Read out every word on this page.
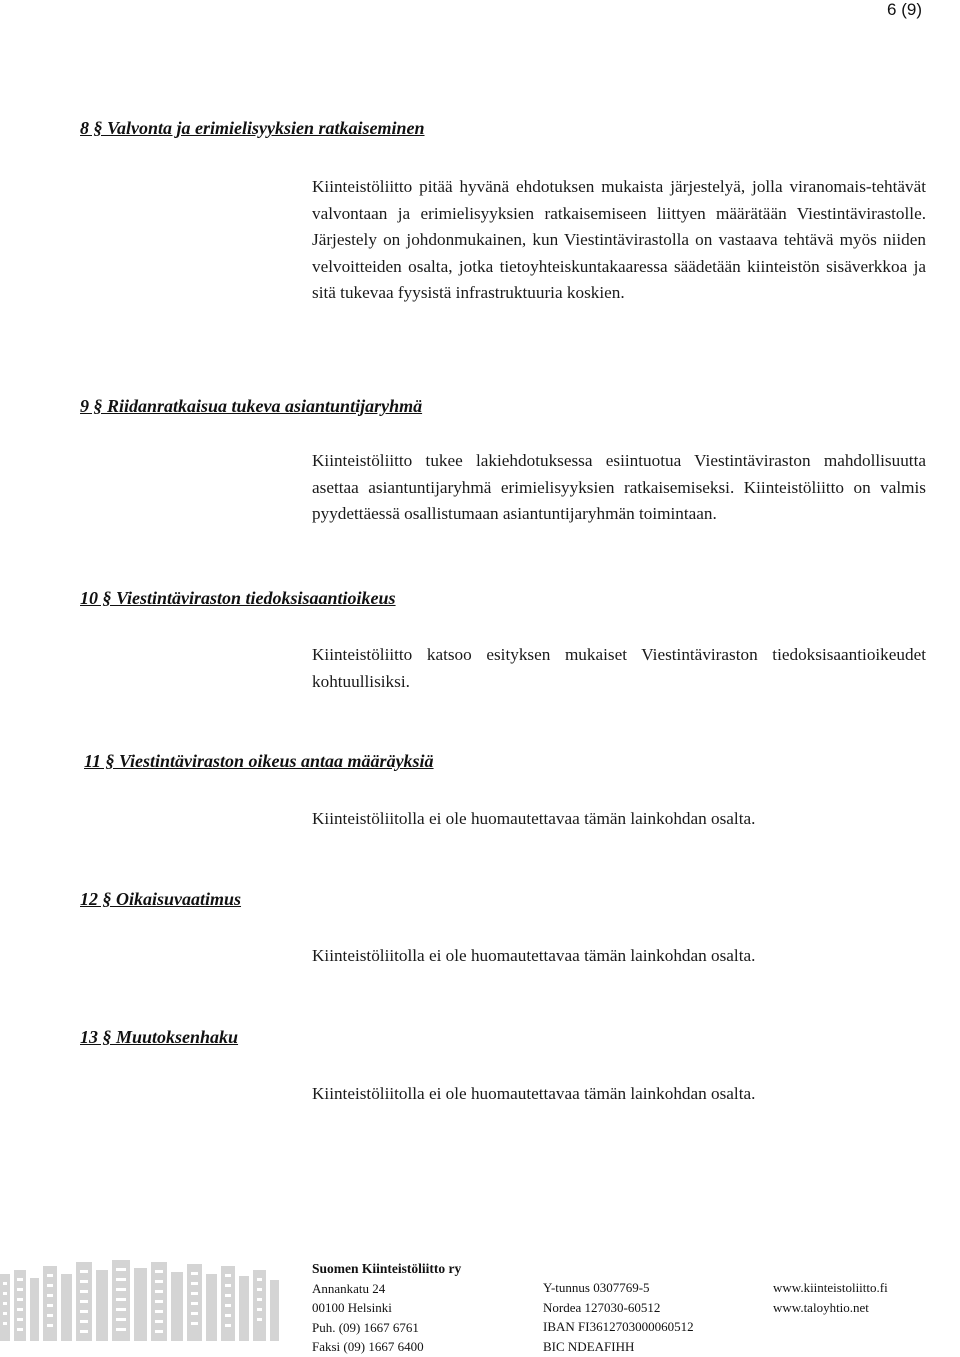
6 (9)
8 § Valvonta ja erimielisyyksien ratkaiseminen
Kiinteistöliitto pitää hyvänä ehdotuksen mukaista järjestelyä, jolla viranomais-tehtävät valvontaan ja erimielisyyksien ratkaisemiseen liittyen määrätään Viestintävirastolle. Järjestely on johdonmukainen, kun Viestintävirastolla on vastaava tehtävä myös niiden velvoitteiden osalta, jotka tietoyhteiskuntakaaressa säädetään kiinteistön sisäverkkoa ja sitä tukevaa fyysistä infrastruktuuria koskien.
9 § Riidanratkaisua tukeva asiantuntijaryhmä
Kiinteistöliitto tukee lakiehdotuksessa esiintuotua Viestintäviraston mahdollisuutta asettaa asiantuntijaryhmä erimielisyyksien ratkaisemiseksi. Kiinteistöliitto on valmis pyydettäessä osallistumaan asiantuntijaryhmän toimintaan.
10 § Viestintäviraston tiedoksisaantioikeus
Kiinteistöliitto katsoo esityksen mukaiset Viestintäviraston tiedoksisaantioikeudet kohtuullisiksi.
11 § Viestintäviraston oikeus antaa määräyksiä
Kiinteistöliitolla ei ole huomautettavaa tämän lainkohdan osalta.
12 § Oikaisuvaatimus
Kiinteistöliitolla ei ole huomautettavaa tämän lainkohdan osalta.
13 § Muutoksenhaku
Kiinteistöliitolla ei ole huomautettavaa tämän lainkohdan osalta.
Suomen Kiinteistöliitto ry
Annankatu 24
00100 Helsinki
Puh. (09) 1667 6761
Faksi (09) 1667 6400
Y-tunnus 0307769-5
Nordea 127030-60512
IBAN FI3612703000060512
BIC NDEAFIHH
www.kiinteistoliitto.fi
www.taloyhtio.net
